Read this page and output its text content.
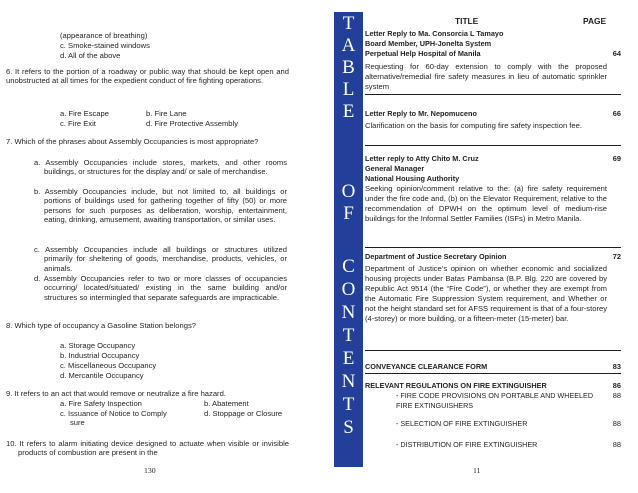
(appearance of breathing)
c. Smoke-stained windows
d. All of the above
6. It refers to the portion of a roadway or public way that should be kept open and unobstructed at all times for the expedient conduct of fire fighting operations.
a. Fire Escape	b. Fire Lane
c. Fire Exit	d. Fire Protective Assembly
7. Which of the phrases about Assembly Occupancies is most appropriate?
a. Assembly Occupancies include stores, markets, and other rooms buildings, or structures for the display and/ or sale of merchandise.
b. Assembly Occupancies include, but not limited to, all buildings or portions of buildings used for gathering together of fifty (50) or more persons for such purposes as deliberation, worship, entertainment, eating, drinking, amusement, awaiting transportation, or similar uses.
c. Assembly Occupancies include all buildings or structures utilized primarily for sheltering of goods, merchandise, products, vehicles, or animals.
d. Assembly Occupancies refer to two or more classes of occupancies occurring/ located/situated/ existing in the same building and/or structures so intermingled that separate safeguards are impracticable.
8. Which type of occupancy a Gasoline Station belongs?
a. Storage Occupancy
b. Industrial Occupancy
c. Miscellaneous Occupancy
d. Mercantile Occupancy
9. It refers to an act that would remove or neutralize a fire hazard.
a. Fire Safety Inspection	b. Abatement
c. Issuance of Notice to Comply sure
d. Stoppage or Closure
10. It refers to alarm initiating device designed to actuate when visible or invisible products of combustion are present in the
130
T
A
B
L
E
O
F
C
O
N
T
E
N
T
S
TITLE	PAGE
Letter Reply to Ma. Consorcia L Tamayo
Board Member, UPH-Jonelta System
Perpetual Help Hospital of Manila	64
Requesting for 60-day extension to comply with the proposed alternative/remedial fire safety measures in lieu of automatic sprinkler system
Letter Reply to Mr. Nepomuceno	66
Clarification on the basis for computing fire safety inspection fee.
Letter reply to Atty Chito M. Cruz
General Manager
National Housing Authority
69
Seeking opinion/comment relative to the: (a) fire safety requirement under the fire code and, (b) on the Elevator Requirement, relative to the recommendation of DPWH on the optimum level of medium-rise buildings for the Informal Settler Families (ISFs) in Metro Manila.
Department of Justice Secretary Opinion	72
Department of Justice’s opinion on whether economic and socialized housing projects under Batas Pambansa (B.P. Blg. 220 are covered by Republic Act 9514 (the “Fire Code”), or whether they are exempt from the Automatic Fire Suppression System requirement, and Whether or not the height standard set for AFSS requirement is that of a four-storey (4-storey) or more building, or a fifteen-meter (15-meter) bar.
CONVEYANCE CLEARANCE FORM	83
RELEVANT REGULATIONS ON FIRE EXTINGUISHER	86
- FIRE CODE PROVISIONS ON PORTABLE AND WHEELED FIRE EXTINGUISHERS
88
- SELECTION OF FIRE EXTINGUISHER	88
- DISTRIBUTION OF FIRE EXTINGUISHER	88
11
